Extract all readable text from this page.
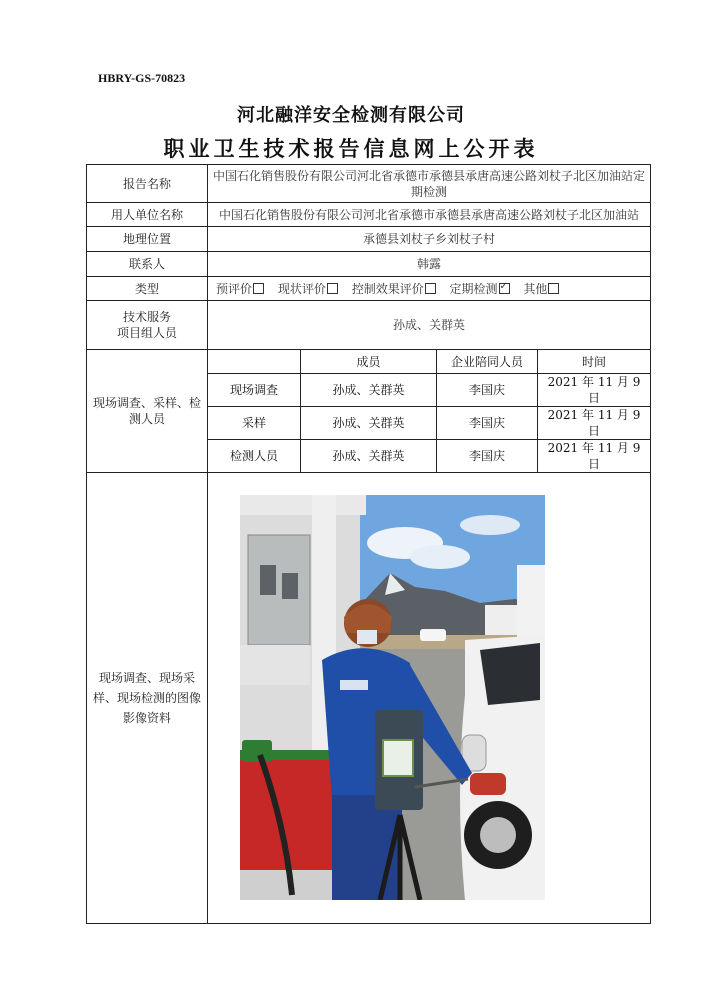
HBRY-GS-70823
河北融洋安全检测有限公司
职业卫生技术报告信息网上公开表
报告名称	中国石化销售股份有限公司河北省承德市承德县承唐高速公路刘杖子北区加油站定期检测			
用人单位名称	中国石化销售股份有限公司河北省承德市承德县承唐高速公路刘杖子北区加油站			
地理位置	承德县刘杖子乡刘杖子村			
联系人	韩露			
类型	预评价 现状评价 控制效果评价 定期检测 ✓ 其他

技术服务
项目组人员	孙成、关群英			
现场调查、采样、检测人员		成员	企业陪同人员	时间
	现场调查	孙成、关群英	李国庆	2021 年 11 月 9 日
	采样	孙成、关群英	李国庆	2021 年 11 月 9 日
	检测人员	孙成、关群英	李国庆	2021 年 11 月 9 日
现场调查、现场采样、现场检测的图像影像资料	
